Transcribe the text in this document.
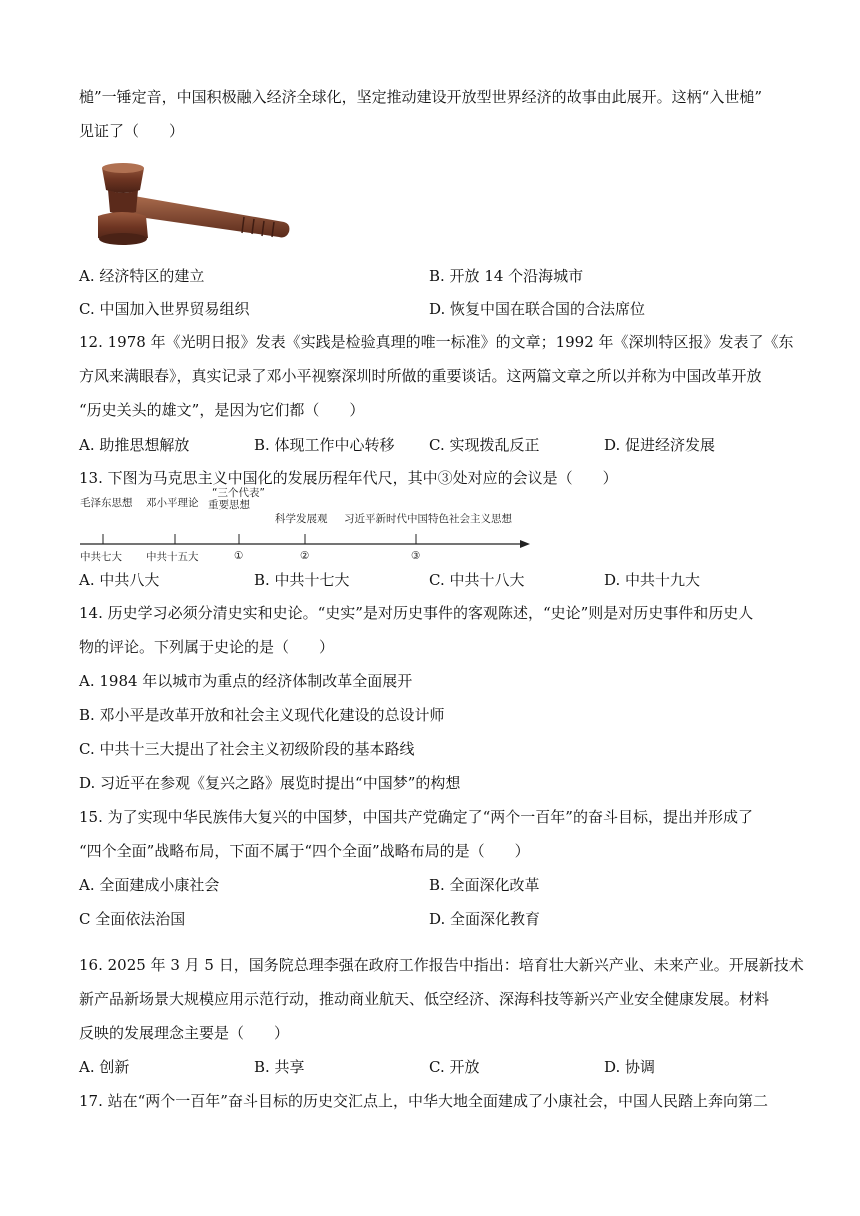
槌”一锤定音，中国积极融入经济全球化，坚定推动建设开放型世界经济的故事由此展开。这柄“入世槌”
见证了（　　）
A. 经济特区的建立	B. 开放 14 个沿海城市
C. 中国加入世界贸易组织	D. 恢复中国在联合国的合法席位
12. 1978 年《光明日报》发表《实践是检验真理的唯一标准》的文章；1992 年《深圳特区报》发表了《东
方风来满眼春》，真实记录了邓小平视察深圳时所做的重要谈话。这两篇文章之所以并称为中国改革开放
“历史关头的雄文”，是因为它们都（　　）
A. 助推思想解放	B. 体现工作中心转移 C. 实现拨乱反正	D. 促进经济发展
13. 下图为马克思主义中国化的发展历程年代尺，其中③处对应的会议是（　　）
毛泽东思想 邓小平理论
“三个代表”
重要思想
科学发展观 习近平新时代中国特色社会主义思想
中共七大 中共十五大	①	②	③
A. 中共八大	B. 中共十七大	C. 中共十八大	D. 中共十九大
14. 历史学习必须分清史实和史论。“史实”是对历史事件的客观陈述，“史论”则是对历史事件和历史人
物的评论。下列属于史论的是（　　）
A. 1984 年以城市为重点的经济体制改革全面展开
B. 邓小平是改革开放和社会主义现代化建设的总设计师
C. 中共十三大提出了社会主义初级阶段的基本路线
D. 习近平在参观《复兴之路》展览时提出“中国梦”的构想
15. 为了实现中华民族伟大复兴的中国梦，中国共产党确定了“两个一百年”的奋斗目标，提出并形成了
“四个全面”战略布局，下面不属于“四个全面”战略布局的是（　　）
A. 全面建成小康社会	B. 全面深化改革
C 全面依法治国	D. 全面深化教育
16. 2025 年 3 月 5 日，国务院总理李强在政府工作报告中指出：培育壮大新兴产业、未来产业。开展新技术
新产品新场景大规模应用示范行动，推动商业航天、低空经济、深海科技等新兴产业安全健康发展。材料
反映的发展理念主要是（　　）
A. 创新	B. 共享	C. 开放	D. 协调
17. 站在“两个一百年”奋斗目标的历史交汇点上，中华大地全面建成了小康社会，中国人民踏上奔向第二
